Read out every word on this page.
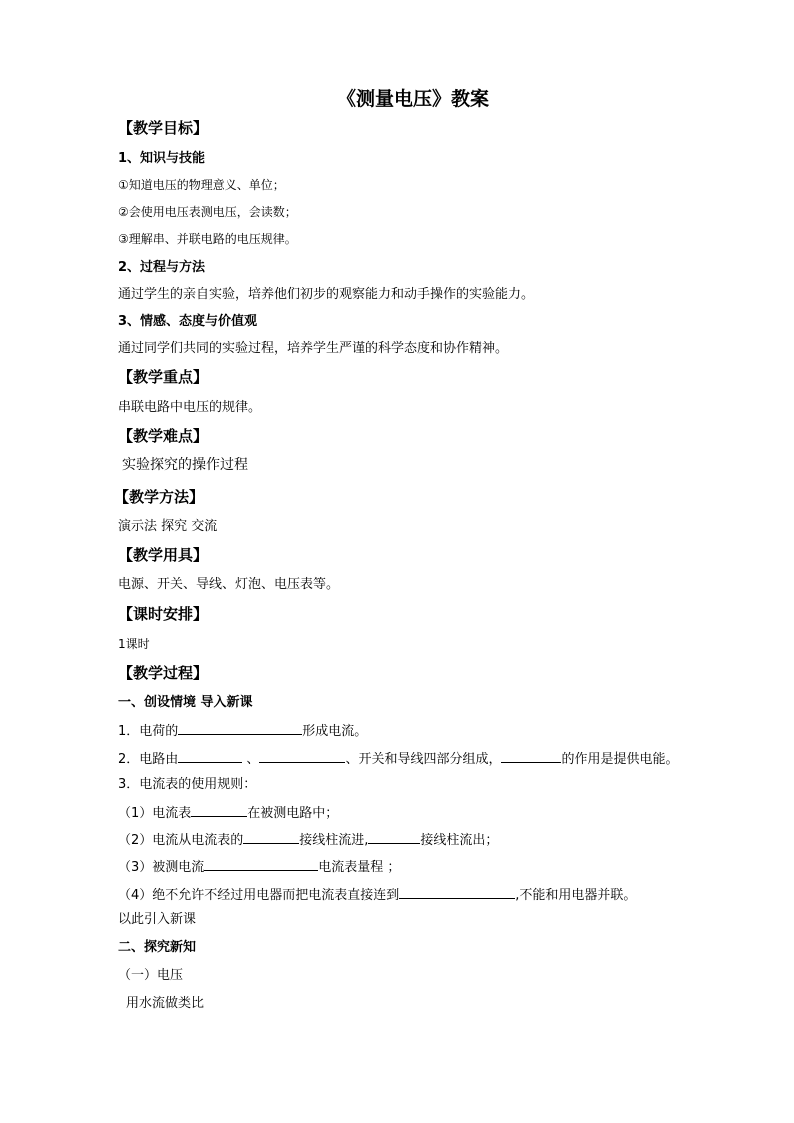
《测量电压》教案
【教学目标】
1、知识与技能
①知道电压的物理意义、单位；
②会使用电压表测电压，会读数；
③理解串、并联电路的电压规律。
2、过程与方法
通过学生的亲自实验，培养他们初步的观察能力和动手操作的实验能力。
3、情感、态度与价值观
通过同学们共同的实验过程，培养学生严谨的科学态度和协作精神。
【教学重点】
串联电路中电压的规律。
【教学难点】
实验探究的操作过程
【教学方法】
演示法 探究 交流
【教学用具】
电源、开关、导线、灯泡、电压表等。
【课时安排】
1课时
【教学过程】
一、创设情境 导入新课
1．电荷的	形成电流。
2．电路由	、	、开关和导线四部分组成，	的作用是提供电能。
3．电流表的使用规则：
（1）电流表	在被测电路中；
（2）电流从电流表的	接线柱流进,	接线柱流出；
（3）被测电流	电流表量程 ；
（4）绝不允许不经过用电器而把电流表直接连到	,不能和用电器并联。
以此引入新课
二、探究新知
（一）电压
用水流做类比
